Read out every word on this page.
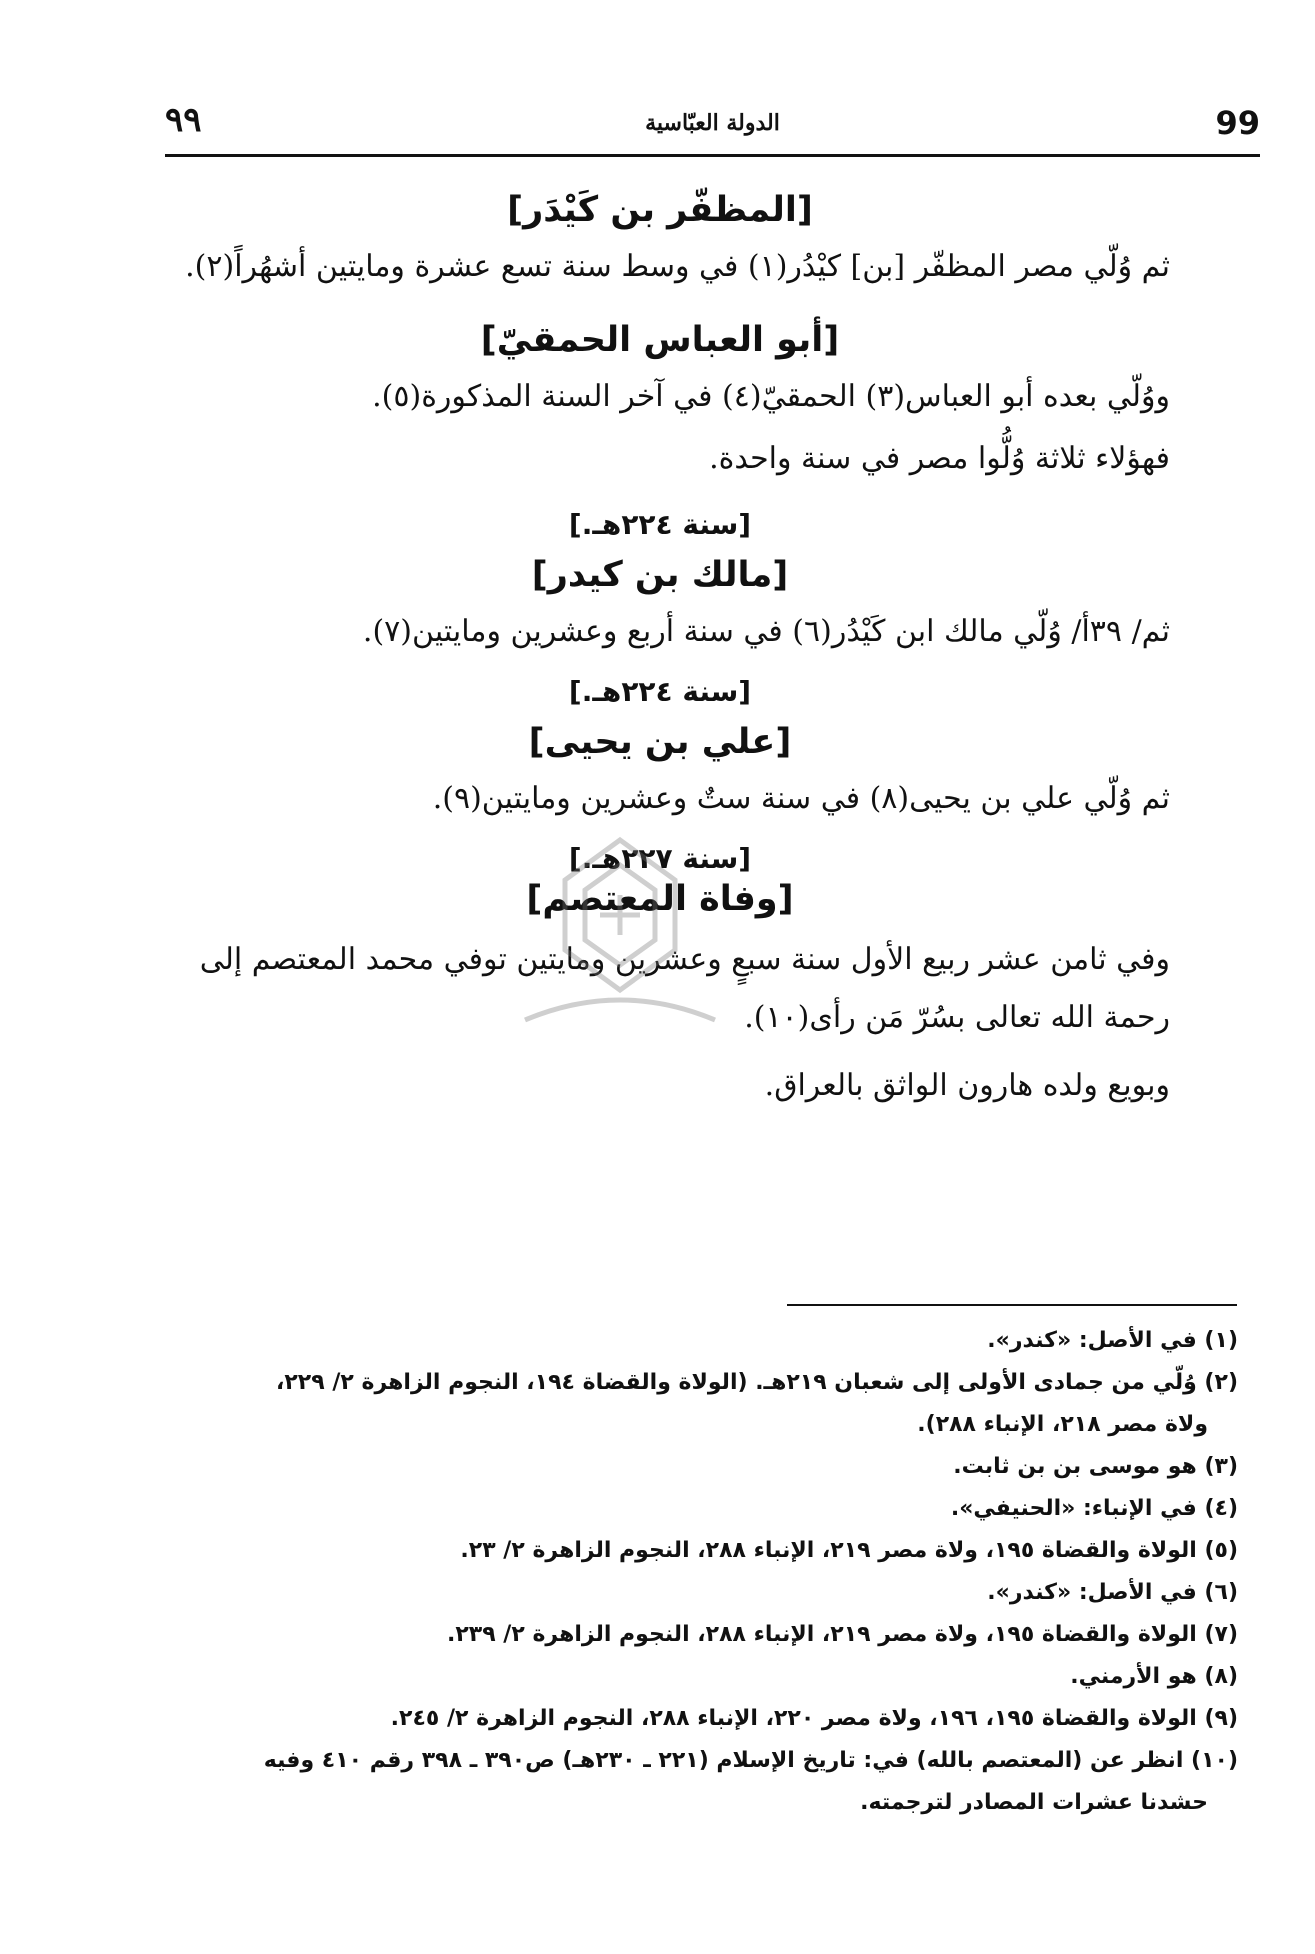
٩٩	الدولة العبّاسية	99
[المظفّر بن كَيْدَر]
ثم وُلّي مصر المظفّر [بن] كيْدُر(١) في وسط سنة تسع عشرة ومايتين أشهُراً(٢).
[أبو العباس الحمقيّ]
ووُلّي بعده أبو العباس(٣) الحمقيّ(٤) في آخر السنة المذكورة(٥).
فهؤلاء ثلاثة وُلُّوا مصر في سنة واحدة.
[سنة ٢٢٤هـ.]
[مالك بن كيدر]
ثم/ ٣٩أ/ وُلّي مالك ابن كَيْدُر(٦) في سنة أربع وعشرين ومايتين(٧).
[سنة ٢٢٤هـ.]
[علي بن يحيى]
ثم وُلّي علي بن يحيى(٨) في سنة ستٌ وعشرين ومايتين(٩).
[سنة ٢٢٧هـ.]
[وفاة المعتصم]
وفي ثامن عشر ربيع الأول سنة سبعٍ وعشرين ومايتين توفي محمد المعتصم إلى رحمة الله تعالى بسُرّ مَن رأى(١٠).
وبويع ولده هارون الواثق بالعراق.
(١) في الأصل: «كندر».
(٢) وُلّي من جمادى الأولى إلى شعبان ٢١٩هـ. (الولاة والقضاة ١٩٤، النجوم الزاهرة ٢/ ٢٢٩،
ولاة مصر ٢١٨، الإنباء ٢٨٨).
(٣) هو موسى بن بن ثابت.
(٤) في الإنباء: «الحنيفي».
(٥) الولاة والقضاة ١٩٥، ولاة مصر ٢١٩، الإنباء ٢٨٨، النجوم الزاهرة ٢/ ٢٣.
(٦) في الأصل: «كندر».
(٧) الولاة والقضاة ١٩٥، ولاة مصر ٢١٩، الإنباء ٢٨٨، النجوم الزاهرة ٢/ ٢٣٩.
(٨) هو الأرمني.
(٩) الولاة والقضاة ١٩٥، ١٩٦، ولاة مصر ٢٢٠، الإنباء ٢٨٨، النجوم الزاهرة ٢/ ٢٤٥.
(١٠) انظر عن (المعتصم بالله) في: تاريخ الإسلام (٢٢١ ـ ٢٣٠هـ) ص٣٩٠ ـ ٣٩٨ رقم ٤١٠ وفيه
حشدنا عشرات المصادر لترجمته.
